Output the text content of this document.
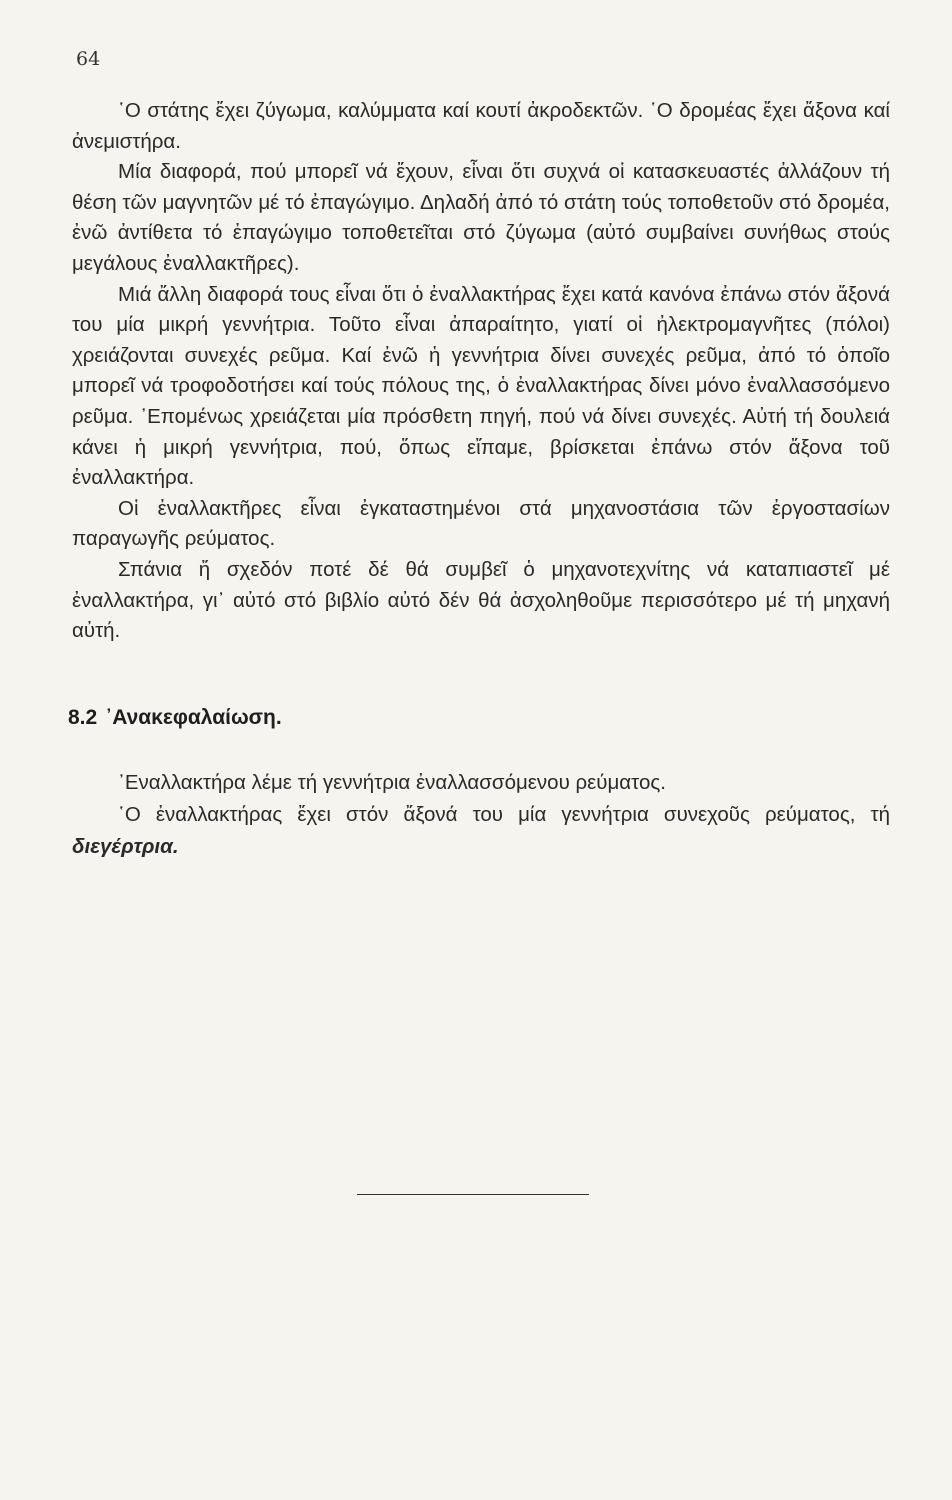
64

῾Ο στάτης ἔχει ζύγωμα, καλύμματα καί κουτί ἀκροδεκτῶν. ῾Ο δρομέας ἔχει ἄξονα καί ἀνεμιστήρα.

Μία διαφορά, πού μπορεῖ νά ἔχουν, εἶναι ὅτι συχνά οἱ κατασκευαστές ἀλλάζουν τή θέση τῶν μαγνητῶν μέ τό ἐπαγώγιμο. Δηλαδή ἀπό τό στάτη τούς τοποθετοῦν στό δρομέα, ἐνῶ ἀντίθετα τό ἐπαγώγιμο τοποθετεῖται στό ζύγωμα (αὐτό συμβαίνει συνήθως στούς μεγάλους ἐναλλακτῆρες).

Μιά ἄλλη διαφορά τους εἶναι ὅτι ὁ ἐναλλακτήρας ἔχει κατά κανόνα ἐπάνω στόν ἄξονά του μία μικρή γεννήτρια. Τοῦτο εἶναι ἀπαραίτητο, γιατί οἱ ἠλεκτρομαγνῆτες (πόλοι) χρειάζονται συνεχές ρεῦμα. Καί ἐνῶ ἡ γεννήτρια δίνει συνεχές ρεῦμα, ἀπό τό ὁποῖο μπορεῖ νά τροφοδοτήσει καί τούς πόλους της, ὁ ἐναλλακτήρας δίνει μόνο ἐναλλασσόμενο ρεῦμα. ᾿Επομένως χρειάζεται μία πρόσθετη πηγή, πού νά δίνει συνεχές. Αὐτή τή δουλειά κάνει ἡ μικρή γεννήτρια, πού, ὅπως εἴπαμε, βρίσκεται ἐπάνω στόν ἄξονα τοῦ ἐναλλακτήρα.

Οἱ ἐναλλακτῆρες εἶναι ἐγκαταστημένοι στά μηχανοστάσια τῶν ἐργοστασίων παραγωγῆς ρεύματος.

Σπάνια ἤ σχεδόν ποτέ δέ θά συμβεῖ ὁ μηχανοτεχνίτης νά καταπιαστεῖ μέ ἐναλλακτήρα, γι᾿ αὐτό στό βιβλίο αὐτό δέν θά ἀσχοληθοῦμε περισσότερο μέ τή μηχανή αὐτή.

8.2 ᾿Ανακεφαλαίωση.

᾿Εναλλακτήρα λέμε τή γεννήτρια ἐναλλασσόμενου ρεύματος.

῾Ο ἐναλλακτήρας ἔχει στόν ἄξονά του μία γεννήτρια συνεχοῦς ρεύματος, τή διεγέρτρια.
